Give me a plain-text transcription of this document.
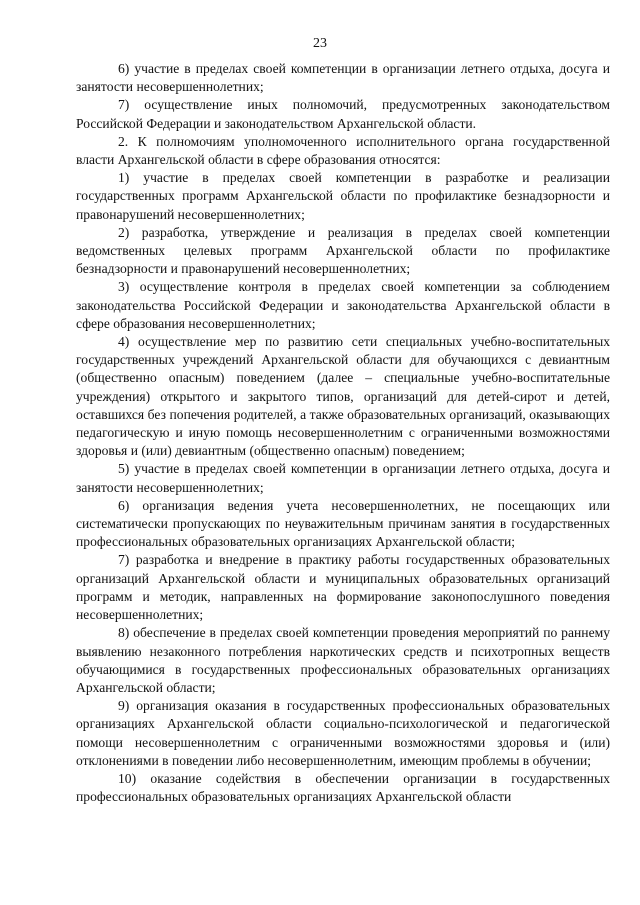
23

6) участие в пределах своей компетенции в организации летнего отдыха, досуга и занятости несовершеннолетних;

7) осуществление иных полномочий, предусмотренных законодательством Российской Федерации и законодательством Архангельской области.

2. К полномочиям уполномоченного исполнительного органа государственной власти Архангельской области в сфере образования относятся:

1) участие в пределах своей компетенции в разработке и реализации государственных программ Архангельской области по профилактике безнадзорности и правонарушений несовершеннолетних;

2) разработка, утверждение и реализация в пределах своей компетенции ведомственных целевых программ Архангельской области по профилактике безнадзорности и правонарушений несовершеннолетних;

3) осуществление контроля в пределах своей компетенции за соблюдением законодательства Российской Федерации и законодательства Архангельской области в сфере образования несовершеннолетних;

4) осуществление мер по развитию сети специальных учебно-воспитательных государственных учреждений Архангельской области для обучающихся с девиантным (общественно опасным) поведением (далее – специальные учебно-воспитательные учреждения) открытого и закрытого типов, организаций для детей-сирот и детей, оставшихся без попечения родителей, а также образовательных организаций, оказывающих педагогическую и иную помощь несовершеннолетним с ограниченными возможностями здоровья и (или) девиантным (общественно опасным) поведением;

5) участие в пределах своей компетенции в организации летнего отдыха, досуга и занятости несовершеннолетних;

6) организация ведения учета несовершеннолетних, не посещающих или систематически пропускающих по неуважительным причинам занятия в государственных профессиональных образовательных организациях Архангельской области;

7) разработка и внедрение в практику работы государственных образовательных организаций Архангельской области и муниципальных образовательных организаций программ и методик, направленных на формирование законопослушного поведения несовершеннолетних;

8) обеспечение в пределах своей компетенции проведения мероприятий по раннему выявлению незаконного потребления наркотических средств и психотропных веществ обучающимися в государственных профессиональных образовательных организациях Архангельской области;

9) организация оказания в государственных профессиональных образовательных организациях Архангельской области социально-психологической и педагогической помощи несовершеннолетним с ограниченными возможностями здоровья и (или) отклонениями в поведении либо несовершеннолетним, имеющим проблемы в обучении;

10) оказание содействия в обеспечении организации в государственных профессиональных образовательных организациях Архангельской области
